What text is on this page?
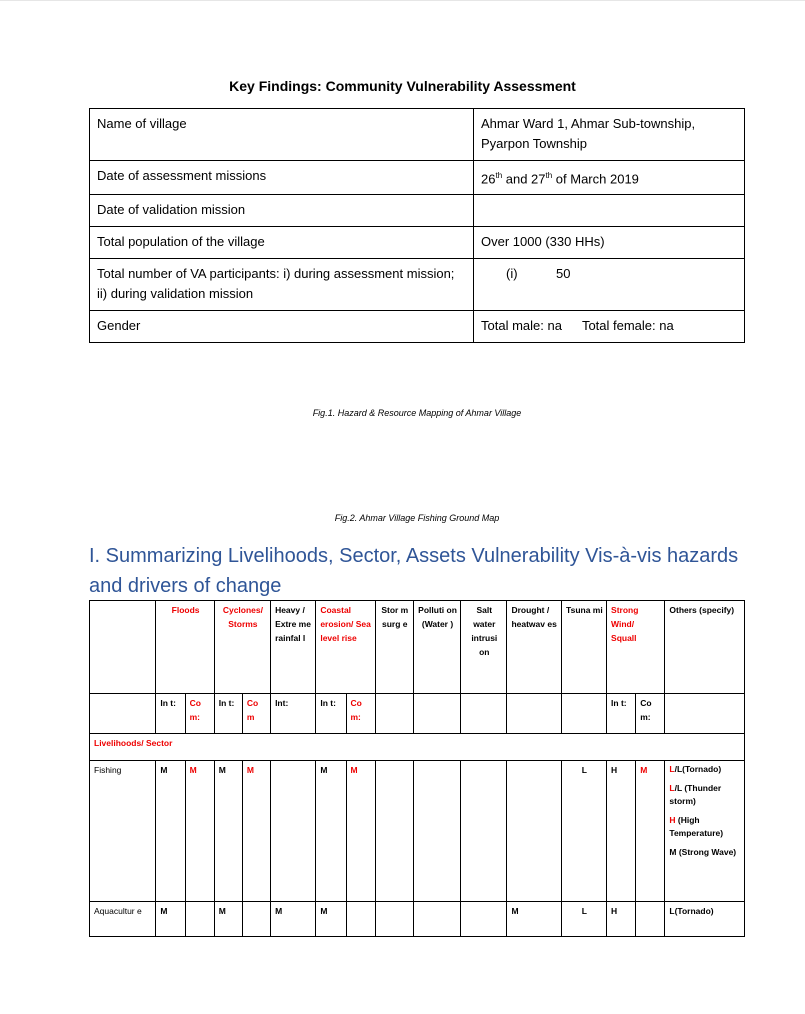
Key Findings: Community Vulnerability Assessment
Name of village	Ahmar Ward 1, Ahmar Sub-township, Pyarpon Township
Date of assessment missions	26th and 27th of March 2019
Date of validation mission	
Total population of the village	Over 1000 (330 HHs)
Total number of VA participants: i) during assessment mission; ii) during validation mission	(i) 50
Gender	Total male: na Total female: na
Fig.1. Hazard & Resource Mapping of Ahmar Village
Fig.2. Ahmar Village Fishing Ground Map
I. Summarizing Livelihoods, Sector, Assets Vulnerability Vis-à-vis hazards and drivers of change
	Floods		Cyclones/ Storms		Heavy / Extre me rainfal l	Coastal erosion/ Sea level rise		Stor m surg e	Polluti on (Water )	Salt water intrusi on	Drought / heatwav es	Tsuna mi	Strong Wind/ Squall		Others (specify)
	In t:	Co m:	In t:	Co m	Int:	In t:	Co m:						In t:	Co m:	
Livelihoods/ Sector															
Fishing	M	M	M	M		M	M					L	H	M	L/L(Tornado)

L/L (Thunder storm)

H (High Temperature)

M (Strong Wave)

Aquacultur e	M		M		M	M					M	L	H		L(Tornado)
